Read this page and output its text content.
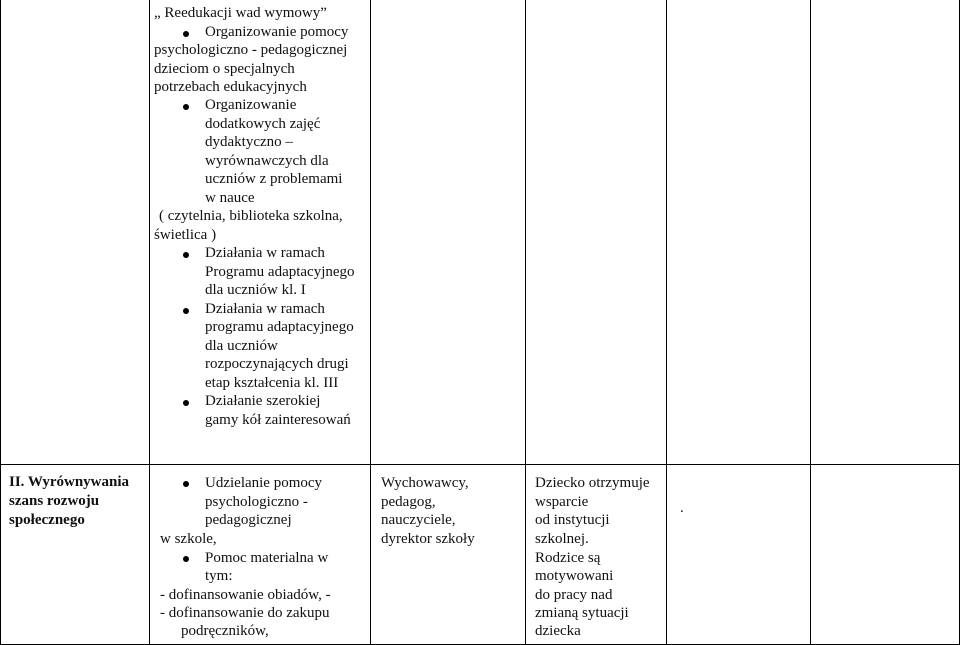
„ Reedukacji wad wymowy”
Organizowanie pomocy
psychologiczno - pedagogicznej
dzieciom o specjalnych
potrzebach edukacyjnych
Organizowanie
dodatkowych zajęć
dydaktyczno –
wyrównawczych dla
uczniów z problemami
w nauce
( czytelnia, biblioteka szkolna,
świetlica )
Działania w ramach
Programu adaptacyjnego
dla uczniów kl. I
Działania w ramach
programu adaptacyjnego
dla uczniów
rozpoczynających drugi
etap kształcenia kl. III
Działanie szerokiej
gamy kół zainteresowań
II. Wyrównywania
szans rozwoju
społecznego
Udzielanie pomocy
psychologiczno -
pedagogicznej
w szkole,
Pomoc materialna w
tym:
- dofinansowanie obiadów, -
- dofinansowanie do zakupu
podręczników,
Wychowawcy,
pedagog,
nauczyciele,
dyrektor szkoły
Dziecko otrzymuje
wsparcie
od instytucji
szkolnej.
Rodzice są
motywowani
do pracy nad
zmianą sytuacji
dziecka
.
